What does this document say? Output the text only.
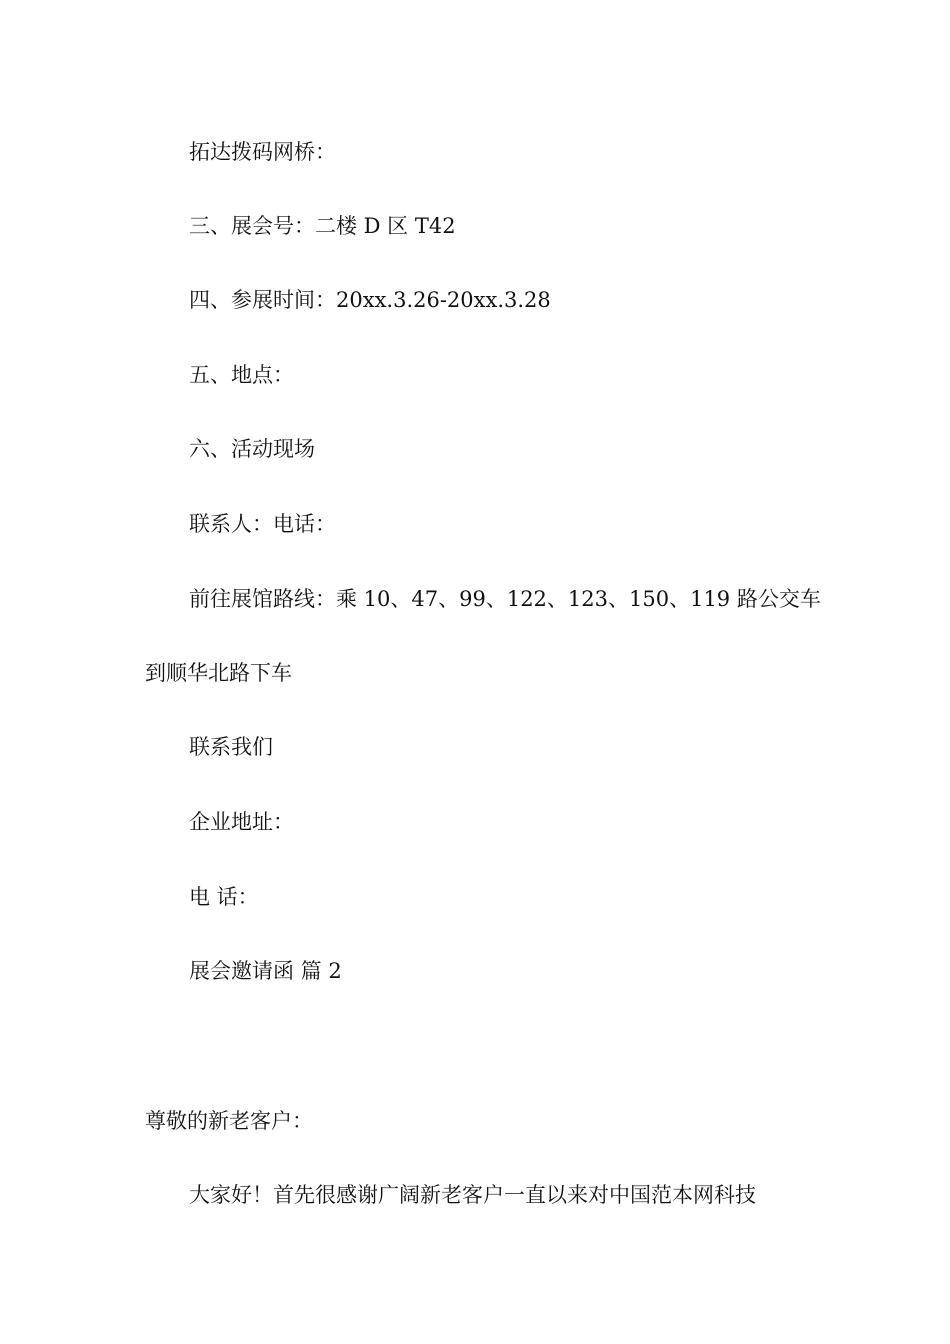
拓达拨码网桥：

三、展会号：二楼 D 区 T42

四、参展时间：20xx.3.26-20xx.3.28

五、地点：

六、活动现场

联系人：电话：

前往展馆路线：乘 10、47、99、122、123、150、119 路公交车

到顺华北路下车

联系我们

企业地址：

电 话：

展会邀请函 篇 2

尊敬的新老客户：

大家好！首先很感谢广阔新老客户一直以来对中国范本网科技
